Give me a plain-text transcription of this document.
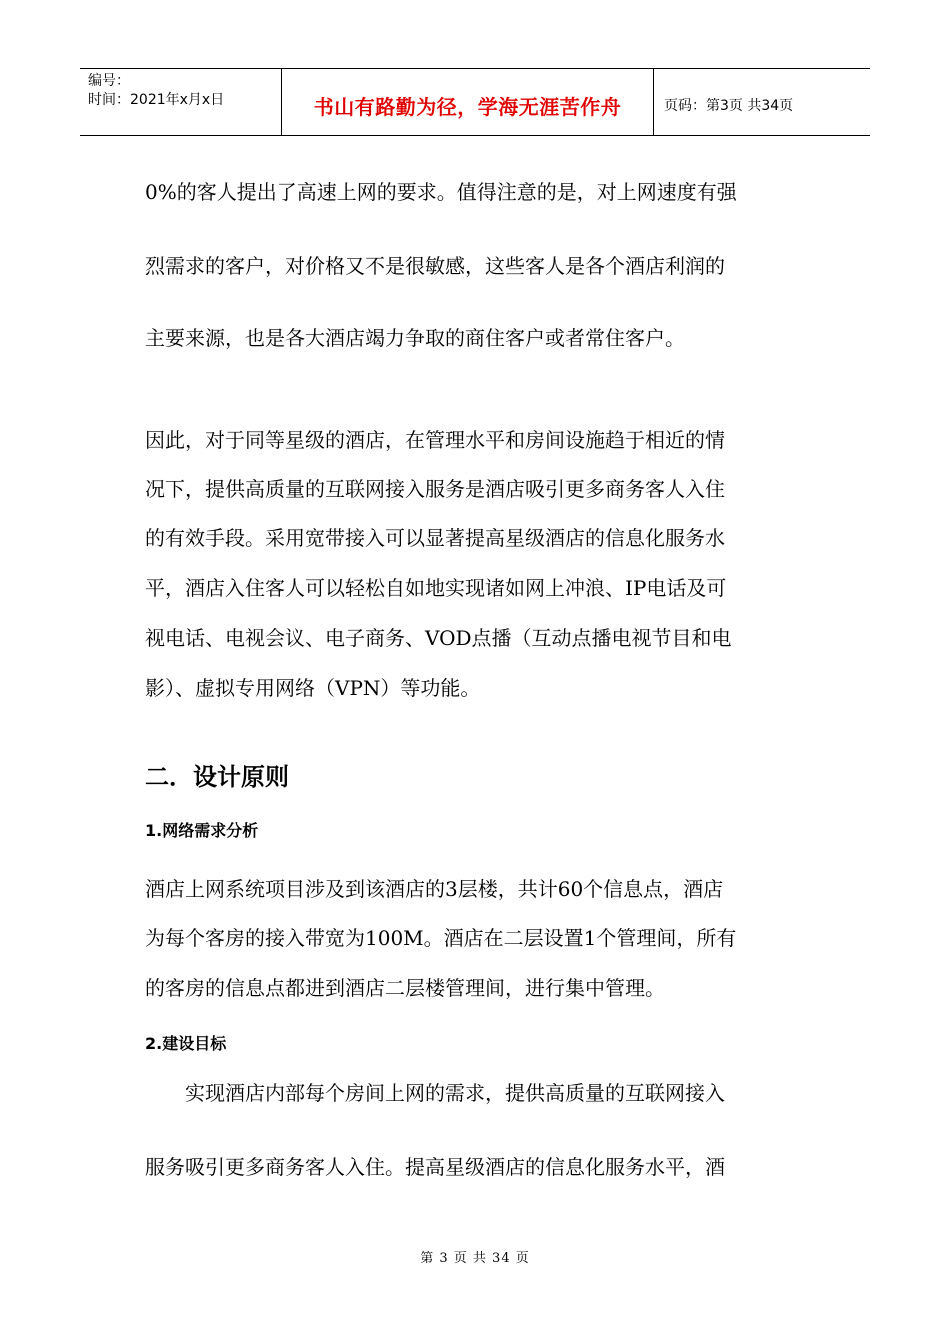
编号：
时间：2021年x月x日	书山有路勤为径，学海无涯苦作舟	页码：第3页 共34页
0%的客人提出了高速上网的要求。值得注意的是，对上网速度有强
烈需求的客户，对价格又不是很敏感，这些客人是各个酒店利润的
主要来源，也是各大酒店竭力争取的商住客户或者常住客户。
因此，对于同等星级的酒店，在管理水平和房间设施趋于相近的情
况下，提供高质量的互联网接入服务是酒店吸引更多商务客人入住
的有效手段。采用宽带接入可以显著提高星级酒店的信息化服务水
平，酒店入住客人可以轻松自如地实现诸如网上冲浪、IP电话及可
视电话、电视会议、电子商务、VOD点播（互动点播电视节目和电
影）、虚拟专用网络（VPN）等功能。
二．设计原则
1.网络需求分析
酒店上网系统项目涉及到该酒店的3层楼，共计60个信息点，酒店
为每个客房的接入带宽为100M。酒店在二层设置1个管理间，所有
的客房的信息点都进到酒店二层楼管理间，进行集中管理。
2.建设目标
　　实现酒店内部每个房间上网的需求，提供高质量的互联网接入
服务吸引更多商务客人入住。提高星级酒店的信息化服务水平，酒
第 3 页 共 34 页
